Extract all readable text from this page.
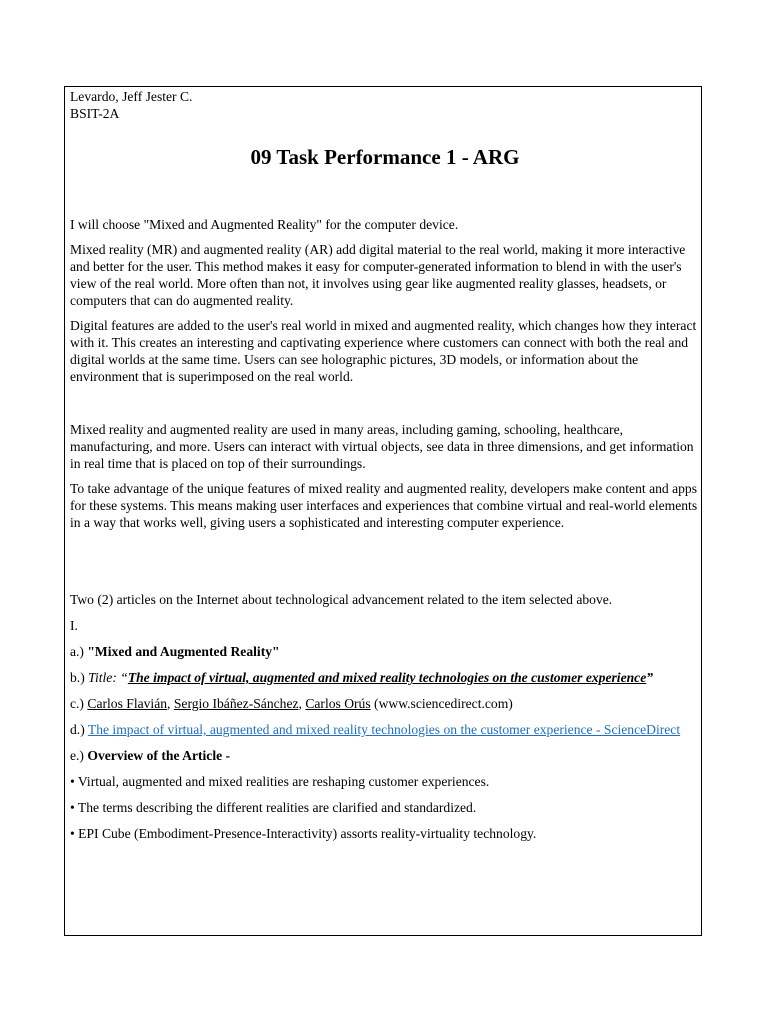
Levardo, Jeff Jester C.

BSIT-2A

09 Task Performance 1 - ARG

I will choose "Mixed and Augmented Reality" for the computer device.

Mixed reality (MR) and augmented reality (AR) add digital material to the real world, making it more interactive and better for the user. This method makes it easy for computer-generated information to blend in with the user's view of the real world. More often than not, it involves using gear like augmented reality glasses, headsets, or computers that can do augmented reality.

Digital features are added to the user's real world in mixed and augmented reality, which changes how they interact with it. This creates an interesting and captivating experience where customers can connect with both the real and digital worlds at the same time. Users can see holographic pictures, 3D models, or information about the environment that is superimposed on the real world.

Mixed reality and augmented reality are used in many areas, including gaming, schooling, healthcare, manufacturing, and more. Users can interact with virtual objects, see data in three dimensions, and get information in real time that is placed on top of their surroundings.

To take advantage of the unique features of mixed reality and augmented reality, developers make content and apps for these systems. This means making user interfaces and experiences that combine virtual and real-world elements in a way that works well, giving users a sophisticated and interesting computer experience.

Two (2) articles on the Internet about technological advancement related to the item selected above.

I.

a.) "Mixed and Augmented Reality"

b.) Title: “The impact of virtual, augmented and mixed reality technologies on the customer experience”

c.) Carlos Flavián, Sergio Ibáñez-Sánchez, Carlos Orús (www.sciencedirect.com)

d.) The impact of virtual, augmented and mixed reality technologies on the customer experience - ScienceDirect

e.) Overview of the Article -

• Virtual, augmented and mixed realities are reshaping customer experiences.

• The terms describing the different realities are clarified and standardized.

• EPI Cube (Embodiment-Presence-Interactivity) assorts reality-virtuality technology.
